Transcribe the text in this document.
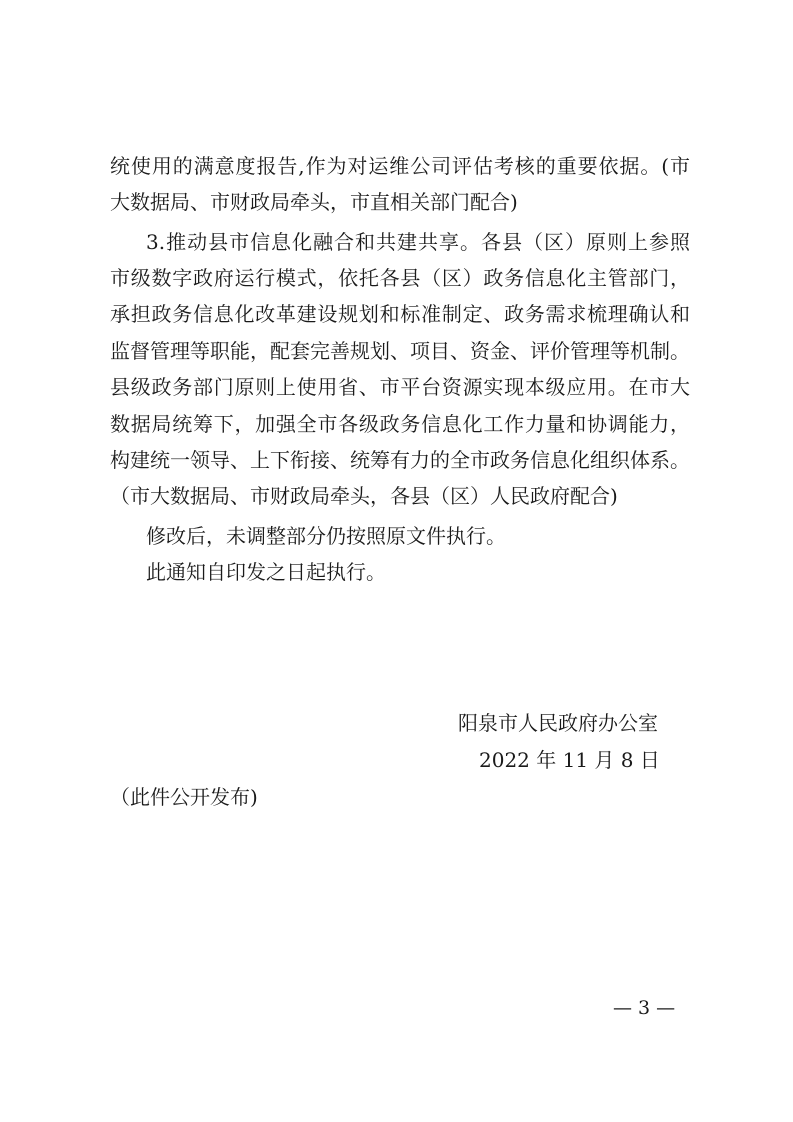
统使用的满意度报告,作为对运维公司评估考核的重要依据。(市
大数据局、市财政局牵头，市直相关部门配合)
3.推动县市信息化融合和共建共享。各县（区）原则上参照
市级数字政府运行模式，依托各县（区）政务信息化主管部门，
承担政务信息化改革建设规划和标准制定、政务需求梳理确认和
监督管理等职能，配套完善规划、项目、资金、评价管理等机制。
县级政务部门原则上使用省、市平台资源实现本级应用。在市大
数据局统筹下，加强全市各级政务信息化工作力量和协调能力，
构建统一领导、上下衔接、统筹有力的全市政务信息化组织体系。
（市大数据局、市财政局牵头，各县（区）人民政府配合)
修改后，未调整部分仍按照原文件执行。
此通知自印发之日起执行。
阳泉市人民政府办公室
2022 年 11 月 8 日
（此件公开发布)
— 3 —
